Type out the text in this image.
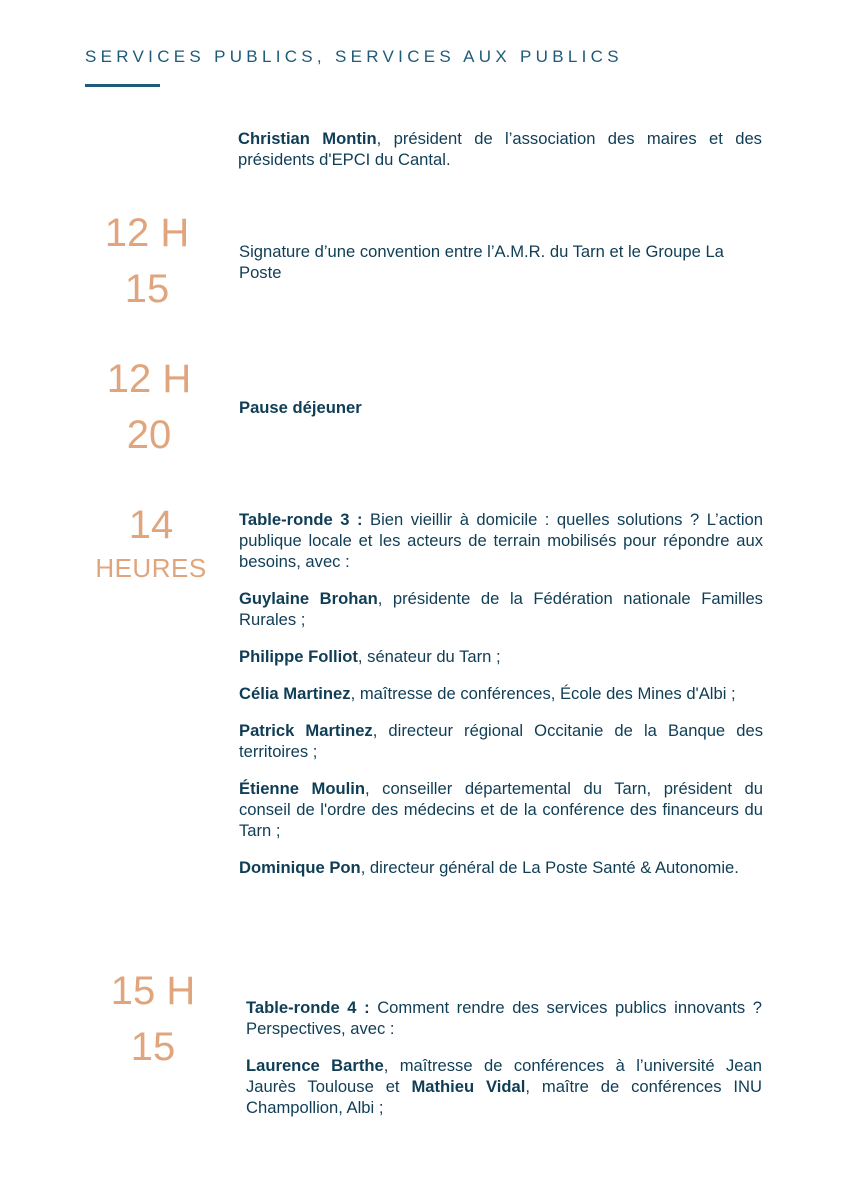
SERVICES PUBLICS, SERVICES AUX PUBLICS

Christian Montin, président de l’association des maires et des présidents d'EPCI du Cantal.

12 H
15

Signature d’une convention entre l’A.M.R. du Tarn et le Groupe La Poste

12 H
20

Pause déjeuner

14
HEURES

Table-ronde 3 : Bien vieillir à domicile : quelles solutions ? L’action publique locale et les acteurs de terrain mobilisés pour répondre aux besoins, avec :

Guylaine Brohan, présidente de la Fédération nationale Familles Rurales ;

Philippe Folliot, sénateur du Tarn ;

Célia Martinez, maîtresse de conférences, École des Mines d'Albi ;

Patrick Martinez, directeur régional Occitanie de la Banque des territoires ;

Étienne Moulin, conseiller départemental du Tarn, président du conseil de l'ordre des médecins et de la conférence des financeurs du Tarn ;

Dominique Pon, directeur général de La Poste Santé & Autonomie.

15 H
15

Table-ronde 4 : Comment rendre des services publics innovants ? Perspectives, avec :

Laurence Barthe, maîtresse de conférences à l’université Jean Jaurès Toulouse et Mathieu Vidal, maître de conférences INU Champollion, Albi ;
